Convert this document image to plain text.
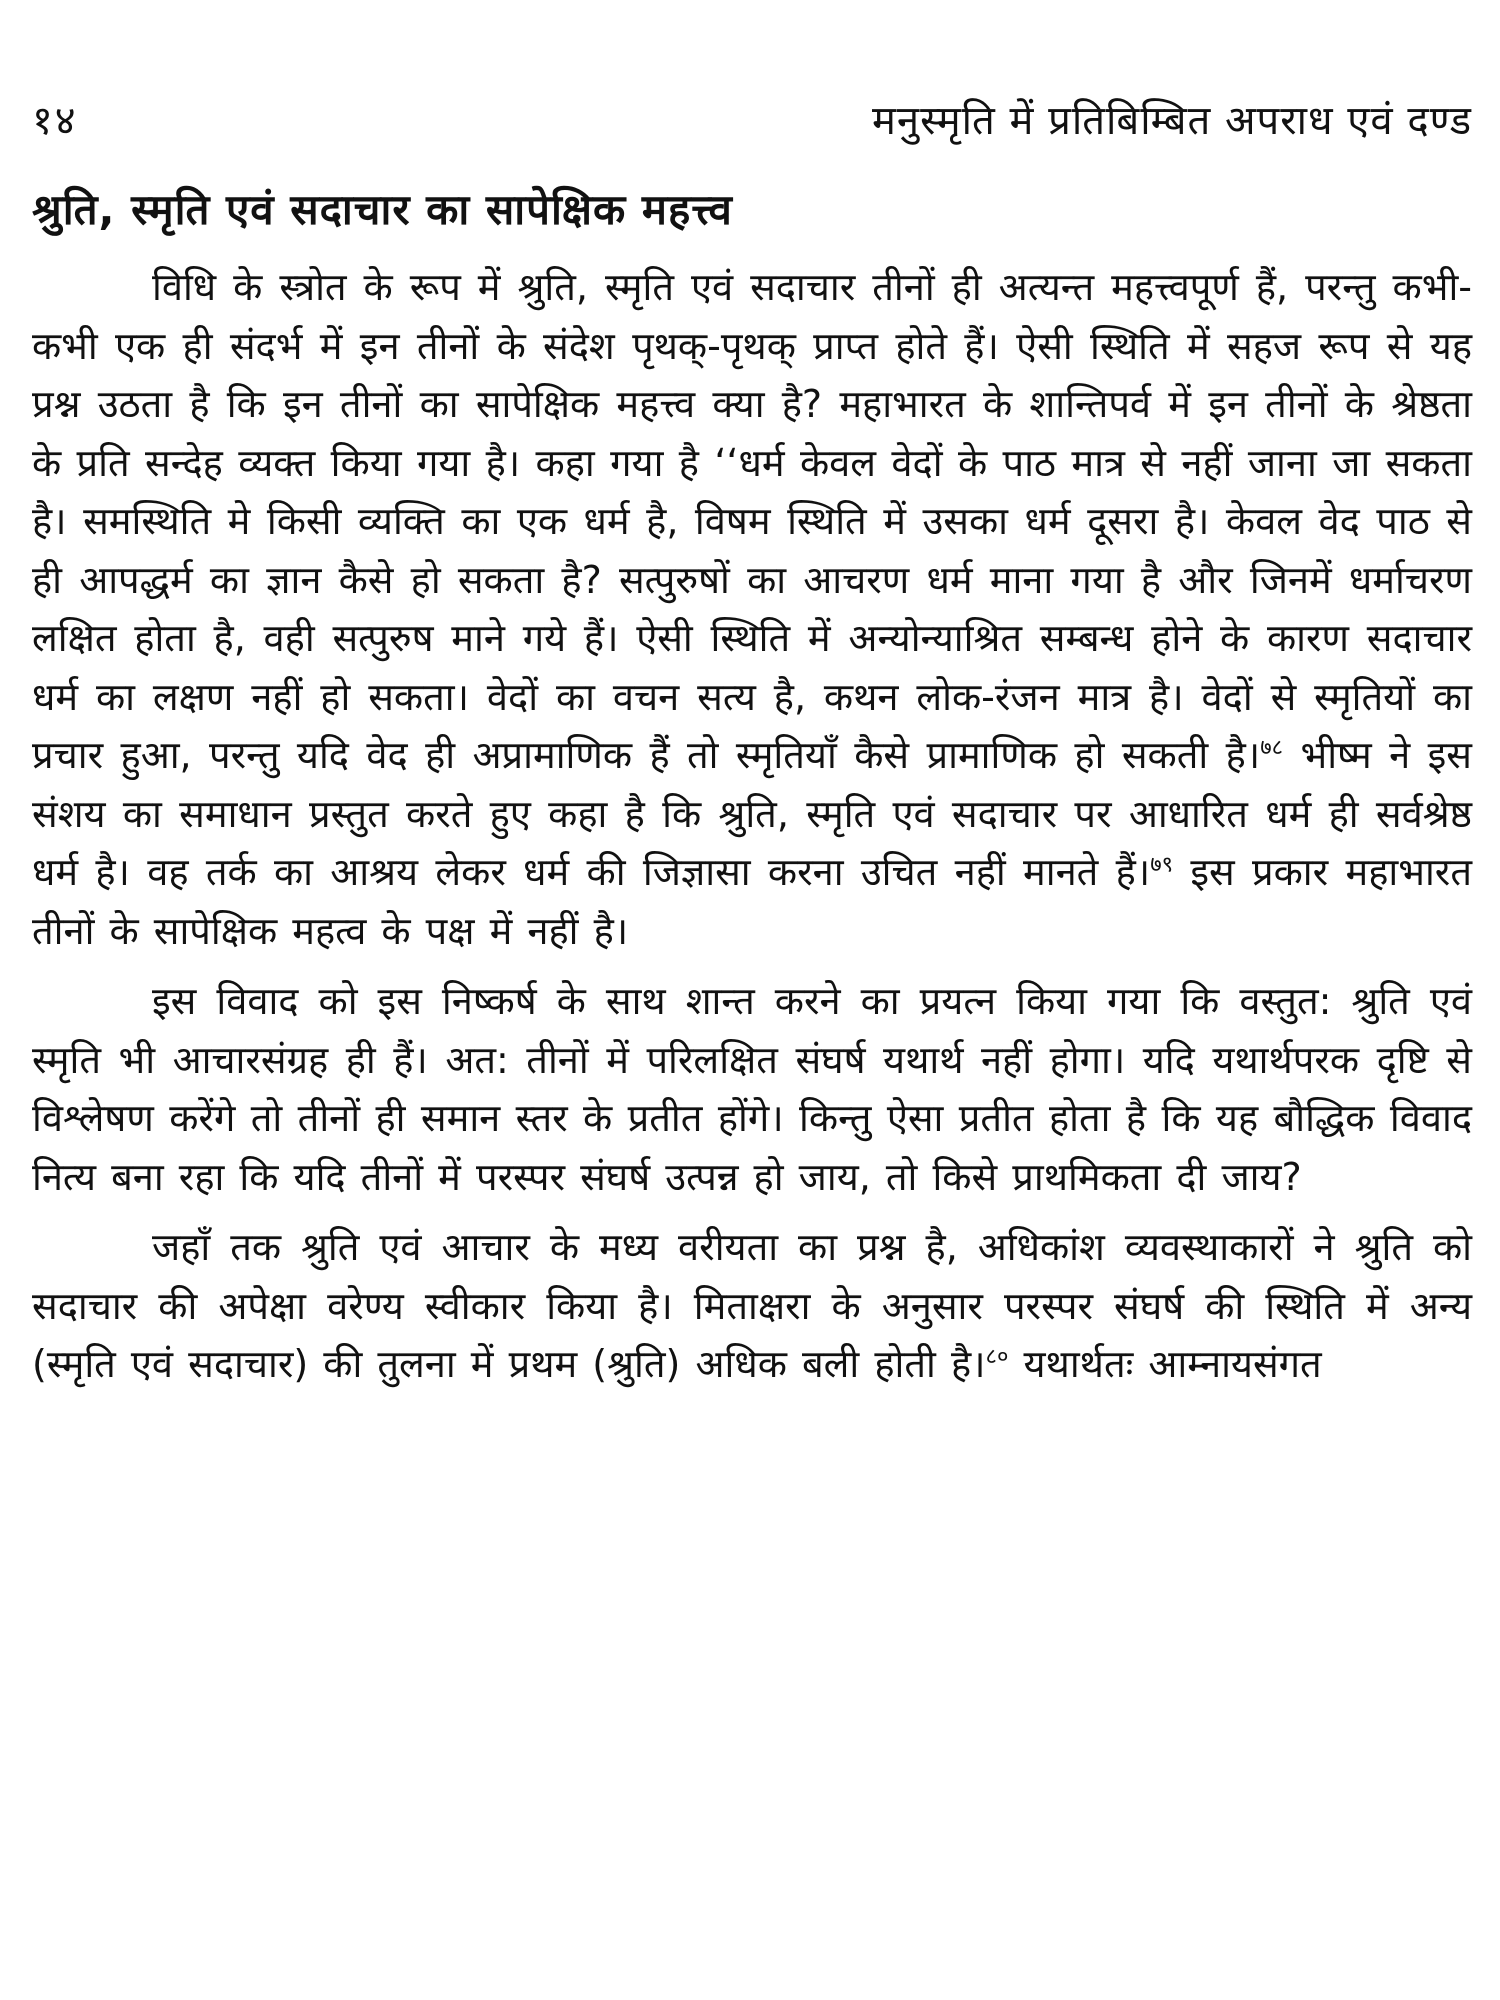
१४	मनुस्मृति में प्रतिबिम्बित अपराध एवं दण्ड
श्रुति, स्मृति एवं सदाचार का सापेक्षिक महत्त्व

विधि के स्त्रोत के रूप में श्रुति, स्मृति एवं सदाचार तीनों ही अत्यन्त महत्त्वपूर्ण हैं, परन्तु कभी-कभी एक ही संदर्भ में इन तीनों के संदेश पृथक्-पृथक् प्राप्त होते हैं। ऐसी स्थिति में सहज रूप से यह प्रश्न उठता है कि इन तीनों का सापेक्षिक महत्त्व क्या है? महाभारत के शान्तिपर्व में इन तीनों के श्रेष्ठता के प्रति सन्देह व्यक्त किया गया है। कहा गया है ‘‘धर्म केवल वेदों के पाठ मात्र से नहीं जाना जा सकता है। समस्थिति मे किसी व्यक्ति का एक धर्म है, विषम स्थिति में उसका धर्म दूसरा है। केवल वेद पाठ से ही आपद्धर्म का ज्ञान कैसे हो सकता है? सत्पुरुषों का आचरण धर्म माना गया है और जिनमें धर्माचरण लक्षित होता है, वही सत्पुरुष माने गये हैं। ऐसी स्थिति में अन्योन्याश्रित सम्बन्ध होने के कारण सदाचार धर्म का लक्षण नहीं हो सकता। वेदों का वचन सत्य है, कथन लोक-रंजन मात्र है। वेदों से स्मृतियों का प्रचार हुआ, परन्तु यदि वेद ही अप्रामाणिक हैं तो स्मृतियाँ कैसे प्रामाणिक हो सकती है।$^{७८}$ भीष्म ने इस संशय का समाधान प्रस्तुत करते हुए कहा है कि श्रुति, स्मृति एवं सदाचार पर आधारित धर्म ही सर्वश्रेष्ठ धर्म है। वह तर्क का आश्रय लेकर धर्म की जिज्ञासा करना उचित नहीं मानते हैं।$^{७९}$ इस प्रकार महाभारत तीनों के सापेक्षिक महत्व के पक्ष में नहीं है।

इस विवाद को इस निष्कर्ष के साथ शान्त करने का प्रयत्न किया गया कि वस्तुत: श्रुति एवं स्मृति भी आचारसंग्रह ही हैं। अत: तीनों में परिलक्षित संघर्ष यथार्थ नहीं होगा। यदि यथार्थपरक दृष्टि से विश्लेषण करेंगे तो तीनों ही समान स्तर के प्रतीत होंगे। किन्तु ऐसा प्रतीत होता है कि यह बौद्धिक विवाद नित्य बना रहा कि यदि तीनों में परस्पर संघर्ष उत्पन्न हो जाय, तो किसे प्राथमिकता दी जाय?

जहाँ तक श्रुति एवं आचार के मध्य वरीयता का प्रश्न है, अधिकांश व्यवस्थाकारों ने श्रुति को सदाचार की अपेक्षा वरेण्य स्वीकार किया है। मिताक्षरा के अनुसार परस्पर संघर्ष की स्थिति में अन्य (स्मृति एवं सदाचार) की तुलना में प्रथम (श्रुति) अधिक बली होती है।$^{८०}$ यथार्थतः आम्नायसंगत
